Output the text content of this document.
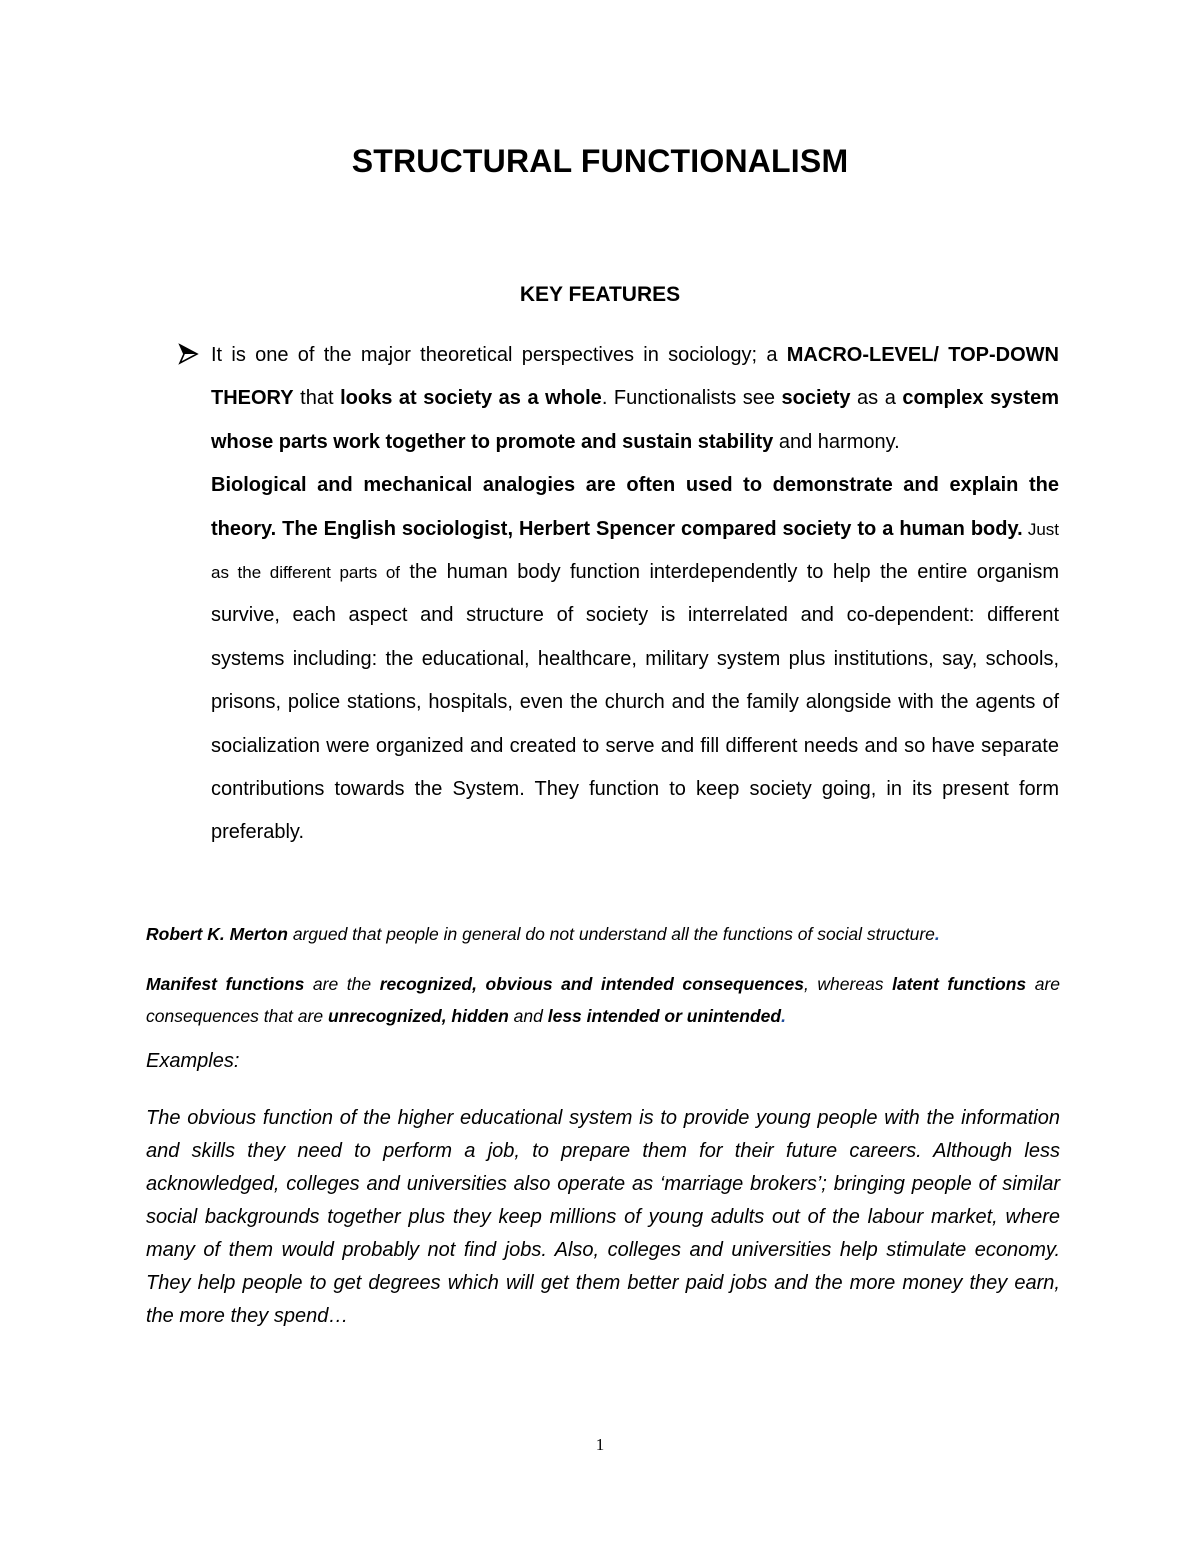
STRUCTURAL FUNCTIONALISM
KEY FEATURES

It is one of the major theoretical perspectives in sociology; a MACRO-LEVEL/ TOP-DOWN THEORY that looks at society as a whole. Functionalists see society as a complex system whose parts work together to promote and sustain stability and harmony.

Biological and mechanical analogies are often used to demonstrate and explain the theory. The English sociologist, Herbert Spencer compared society to a human body. Just as the different parts of the human body function interdependently to help the entire organism survive, each aspect and structure of society is interrelated and co-dependent: different systems including: the educational, healthcare, military system plus institutions, say, schools, prisons, police stations, hospitals, even the church and the family alongside with the agents of socialization were organized and created to serve and fill different needs and so have separate contributions towards the System. They function to keep society going, in its present form preferably.

Robert K. Merton argued that people in general do not understand all the functions of social structure.

Manifest functions are the recognized, obvious and intended consequences, whereas latent functions are consequences that are unrecognized, hidden and less intended or unintended.

Examples:

The obvious function of the higher educational system is to provide young people with the information and skills they need to perform a job, to prepare them for their future careers. Although less acknowledged, colleges and universities also operate as ‘marriage brokers’; bringing people of similar social backgrounds together plus they keep millions of young adults out of the labour market, where many of them would probably not find jobs. Also, colleges and universities help stimulate economy. They help people to get degrees which will get them better paid jobs and the more money they earn, the more they spend…

1
